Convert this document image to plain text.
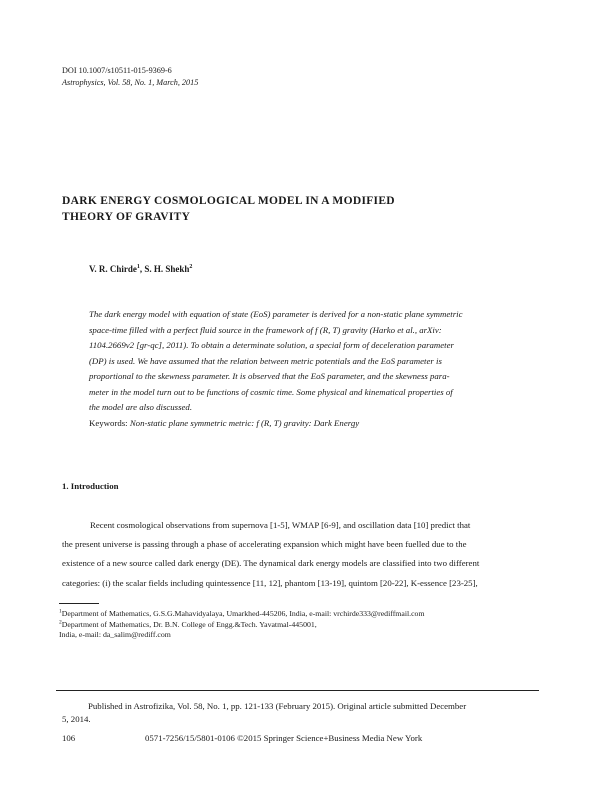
DOI 10.1007/s10511-015-9369-6
Astrophysics, Vol. 58, No. 1, March, 2015
DARK ENERGY COSMOLOGICAL MODEL IN A MODIFIED
THEORY OF GRAVITY
V. R. Chirde$^1$, S. H. Shekh$^2$
The dark energy model with equation of state (EoS) parameter is derived for a non-static plane symmetric
space-time filled with a perfect fluid source in the framework of f (R, T) gravity (Harko et al., arXiv:
1104.2669v2 [gr-qc], 2011). To obtain a determinate solution, a special form of deceleration parameter
(DP) is used. We have assumed that the relation between metric potentials and the EoS parameter is
proportional to the skewness parameter. It is observed that the EoS parameter, and the skewness para-
meter in the model turn out to be functions of cosmic time. Some physical and kinematical properties of
the model are also discussed.
Keywords: Non-static plane symmetric metric: f (R, T) gravity: Dark Energy
1. Introduction
Recent cosmological observations from supernova [1-5], WMAP [6-9], and oscillation data [10] predict that
the present universe is passing through a phase of accelerating expansion which might have been fuelled due to the
existence of a new source called dark energy (DE). The dynamical dark energy models are classified into two different
categories: (i) the scalar fields including quintessence [11, 12], phantom [13-19], quintom [20-22], K-essence [23-25],
$^1$Department of Mathematics, G.S.G.Mahavidyalaya, Umarkhed-445206, India, e-mail: vrchirde333@rediffmail.com
$^2$Department of Mathematics, Dr. B.N. College of Engg.&Tech. Yavatmal-445001,
India, e-mail: da_salim@rediff.com
Published in Astrofizika, Vol. 58, No. 1, pp. 121-133 (February 2015). Original article submitted December
5, 2014.
106	0571-7256/15/5801-0106 ©2015 Springer Science+Business Media New York
